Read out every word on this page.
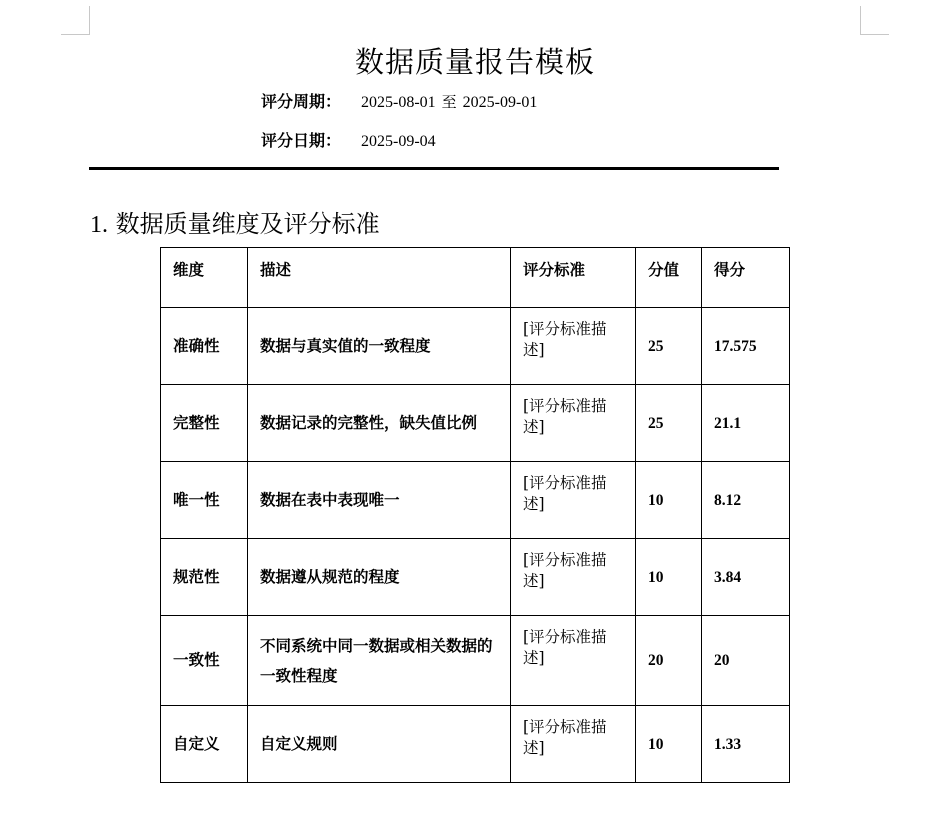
数据质量报告模板
评分周期：	2025-08-01 至 2025-09-01
评分日期：	2025-09-04
1. 数据质量维度及评分标准
维度	描述	评分标准	分值	得分
准确性	数据与真实值的一致程度	[评分标准描述]	25	17.575
完整性	数据记录的完整性，缺失值比例	[评分标准描述]	25	21.1
唯一性	数据在表中表现唯一	[评分标准描述]	10	8.12
规范性	数据遵从规范的程度	[评分标准描述]	10	3.84
一致性	不同系统中同一数据或相关数据的一致性程度	[评分标准描述]	20	20
自定义	自定义规则	[评分标准描述]	10	1.33
